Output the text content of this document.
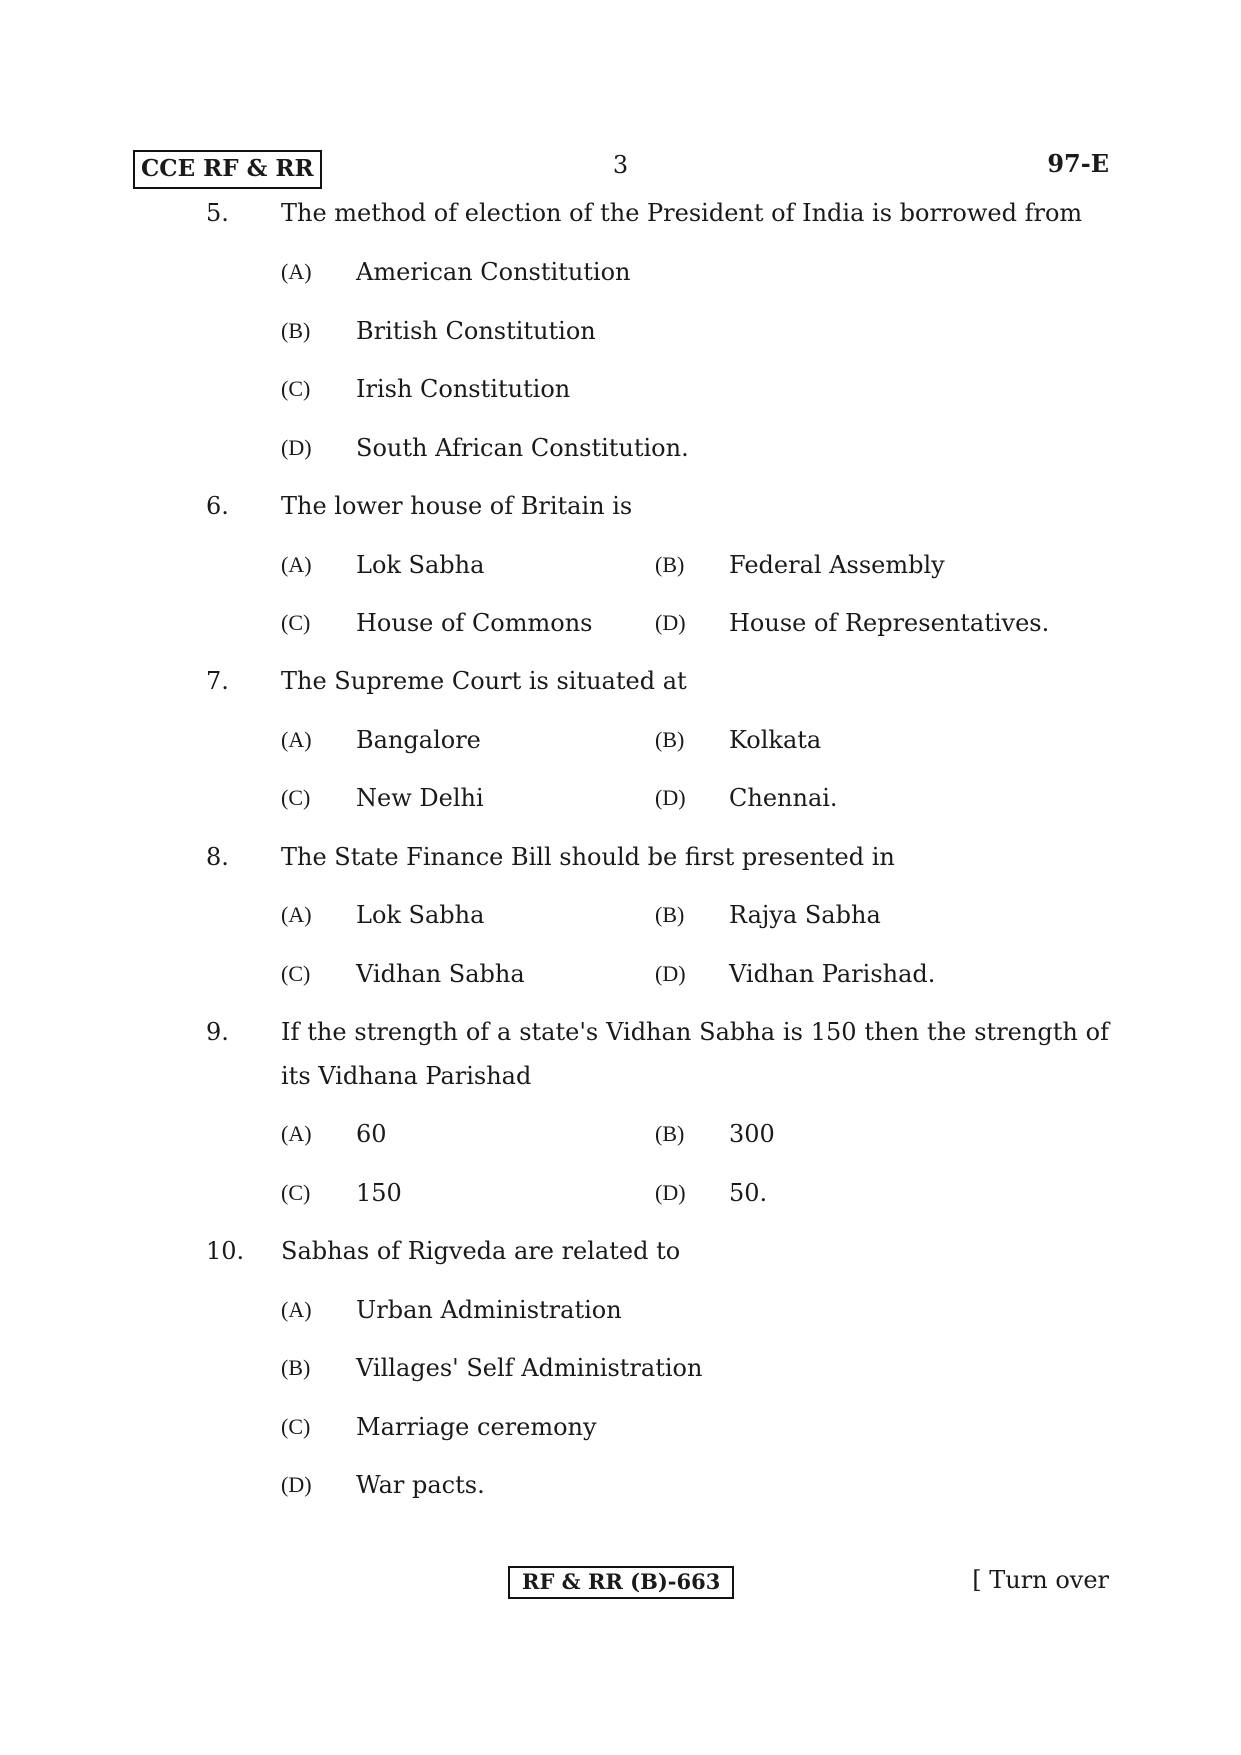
CCE RF & RR	3	97-E
5. The method of election of the President of India is borrowed from
(A) American Constitution
(B) British Constitution
(C) Irish Constitution
(D) South African Constitution.
6. The lower house of Britain is
(A) Lok Sabha	(B) Federal Assembly
(C) House of Commons	(D) House of Representatives.
7. The Supreme Court is situated at
(A) Bangalore	(B) Kolkata
(C) New Delhi	(D) Chennai.
8. The State Finance Bill should be first presented in
(A) Lok Sabha	(B) Rajya Sabha
(C) Vidhan Sabha	(D) Vidhan Parishad.
9. If the strength of a state's Vidhan Sabha is 150 then the strength of its Vidhana Parishad
(A) 60	(B) 300
(C) 150	(D) 50.
10. Sabhas of Rigveda are related to
(A) Urban Administration
(B) Villages' Self Administration
(C) Marriage ceremony
(D) War pacts.
RF & RR (B)-663	[ Turn over
